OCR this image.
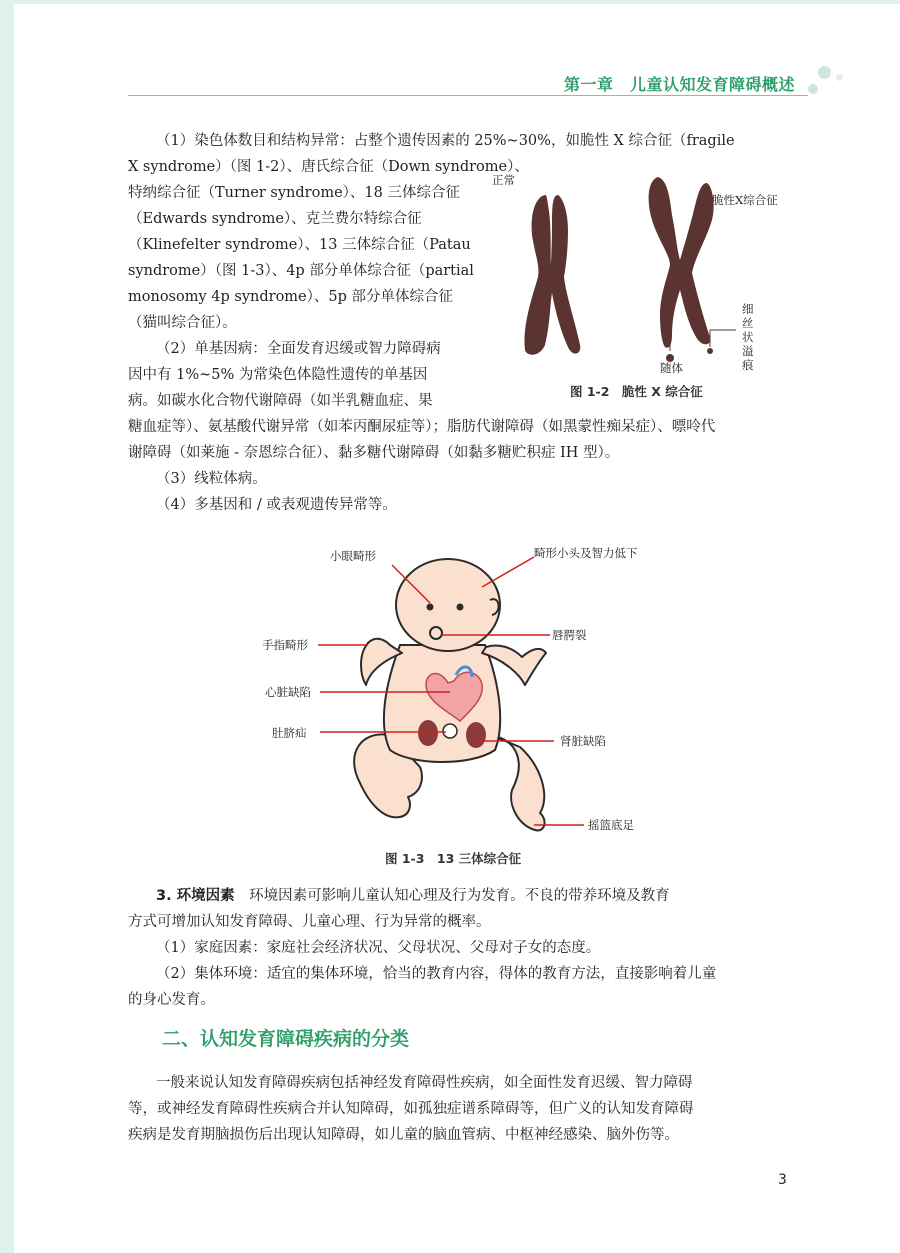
第一章　儿童认知发育障碍概述
（1）染色体数目和结构异常：占整个遗传因素的 25%~30%，如脆性 X 综合征（fragile
X syndrome）（图 1-2）、唐氏综合征（Down syndrome）、
特纳综合征（Turner syndrome）、18 三体综合征
（Edwards syndrome）、克兰费尔特综合征
（Klinefelter syndrome）、13 三体综合征（Patau
syndrome）（图 1-3）、4p 部分单体综合征（partial
monosomy 4p syndrome）、5p 部分单体综合征
（猫叫综合征）。
（2）单基因病：全面发育迟缓或智力障碍病
因中有 1%~5% 为常染色体隐性遗传的单基因
病。如碳水化合物代谢障碍（如半乳糖血症、果
糖血症等）、氨基酸代谢异常（如苯丙酮尿症等）；脂肪代谢障碍（如黑蒙性痴呆症）、嘌呤代
谢障碍（如莱施 - 奈恩综合征）、黏多糖代谢障碍（如黏多糖贮积症 IH 型）。
（3）线粒体病。
（4）多基因和 / 或表观遗传异常等。
正常
脆性X综合征
随体
细丝状溢痕
图 1-2　脆性 X 综合征
小眼畸形	畸形小头及智力低下
手指畸形
唇腭裂
心脏缺陷
肚脐疝
肾脏缺陷
摇篮底足
图 1-3　13 三体综合征
3. 环境因素　环境因素可影响儿童认知心理及行为发育。不良的带养环境及教育
方式可增加认知发育障碍、儿童心理、行为异常的概率。
（1）家庭因素：家庭社会经济状况、父母状况、父母对子女的态度。
（2）集体环境：适宜的集体环境，恰当的教育内容，得体的教育方法，直接影响着儿童
的身心发育。
二、认知发育障碍疾病的分类
一般来说认知发育障碍疾病包括神经发育障碍性疾病，如全面性发育迟缓、智力障碍
等，或神经发育障碍性疾病合并认知障碍，如孤独症谱系障碍等，但广义的认知发育障碍
疾病是发育期脑损伤后出现认知障碍，如儿童的脑血管病、中枢神经感染、脑外伤等。
3
